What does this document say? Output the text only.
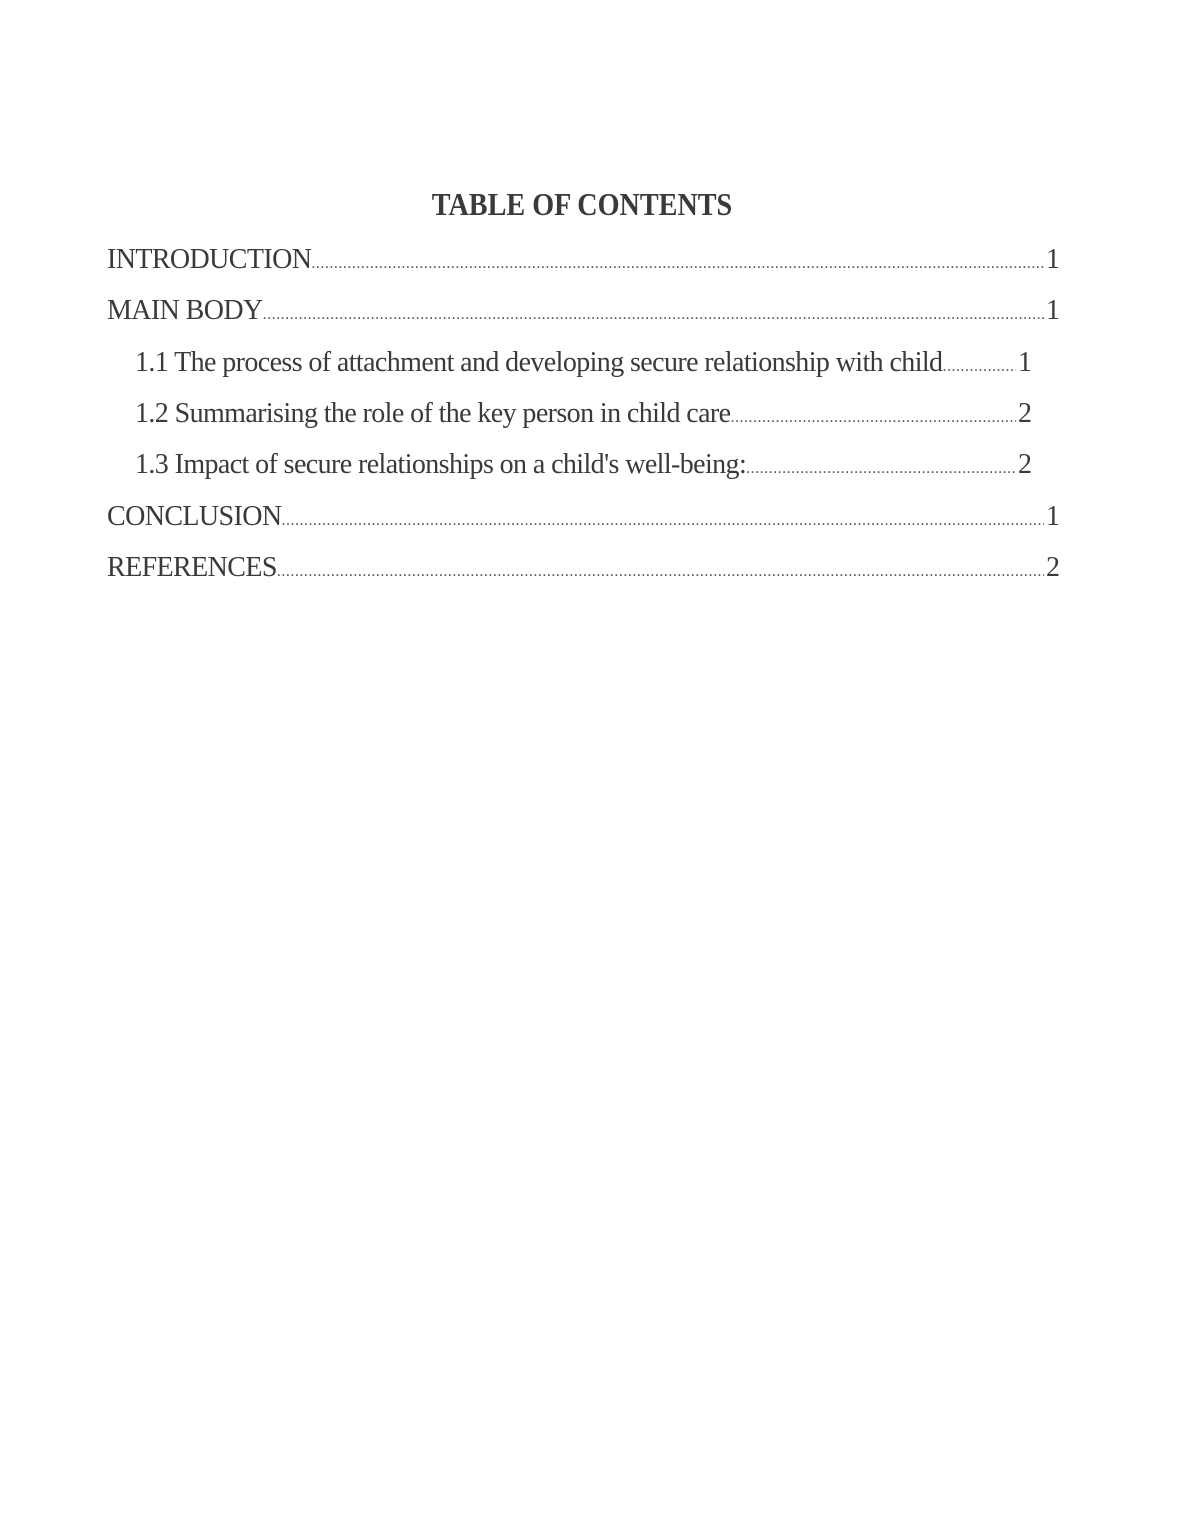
TABLE OF CONTENTS
INTRODUCTION .....	1
MAIN BODY .....	1
1.1 The process of attachment and developing secure relationship with child .....	1
1.2 Summarising the role of the key person in child care .....	2
1.3 Impact of secure relationships on a child's well-being: .....	2
CONCLUSION .....	1
REFERENCES .....	2
